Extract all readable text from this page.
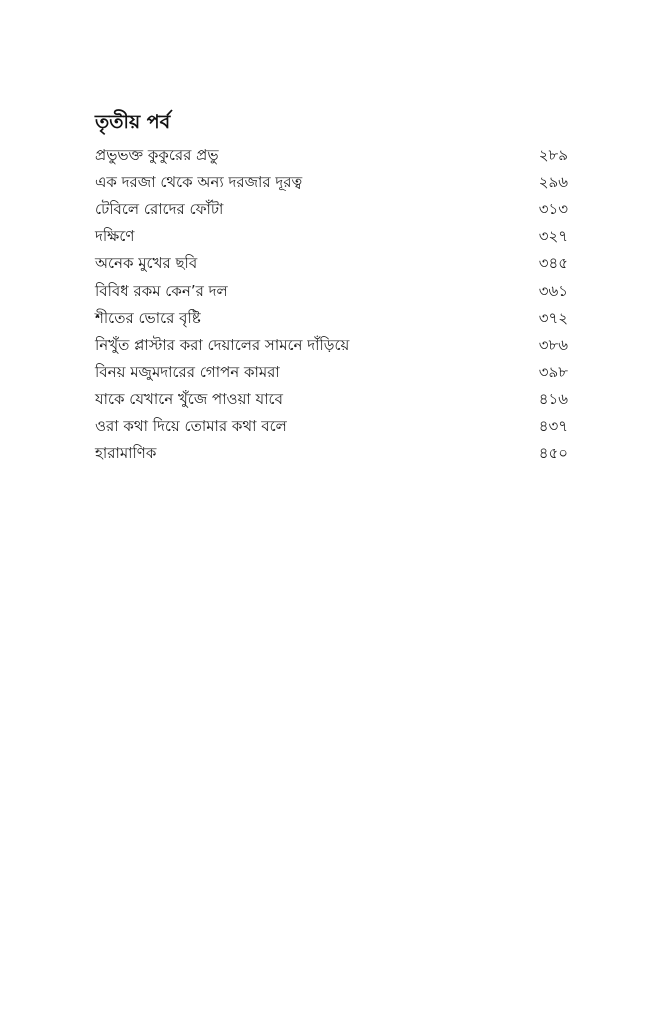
তৃতীয় পর্ব
প্রভুভক্ত কুকুরের প্রভু	২৮৯
এক দরজা থেকে অন্য দরজার দূরত্ব	২৯৬
টেবিলে রোদের ফোঁটা	৩১৩
দক্ষিণে	৩২৭
অনেক মুখের ছবি	৩৪৫
বিবিধ রকম কেন’র দল	৩৬১
শীতের ভোরে বৃষ্টি	৩৭২
নিখুঁত প্লাস্টার করা দেয়ালের সামনে দাঁড়িয়ে	৩৮৬
বিনয় মজুমদারের গোপন কামরা	৩৯৮
যাকে যেখানে খুঁজে পাওয়া যাবে	৪১৬
ওরা কথা দিয়ে তোমার কথা বলে	৪৩৭
হারামাণিক	৪৫০
